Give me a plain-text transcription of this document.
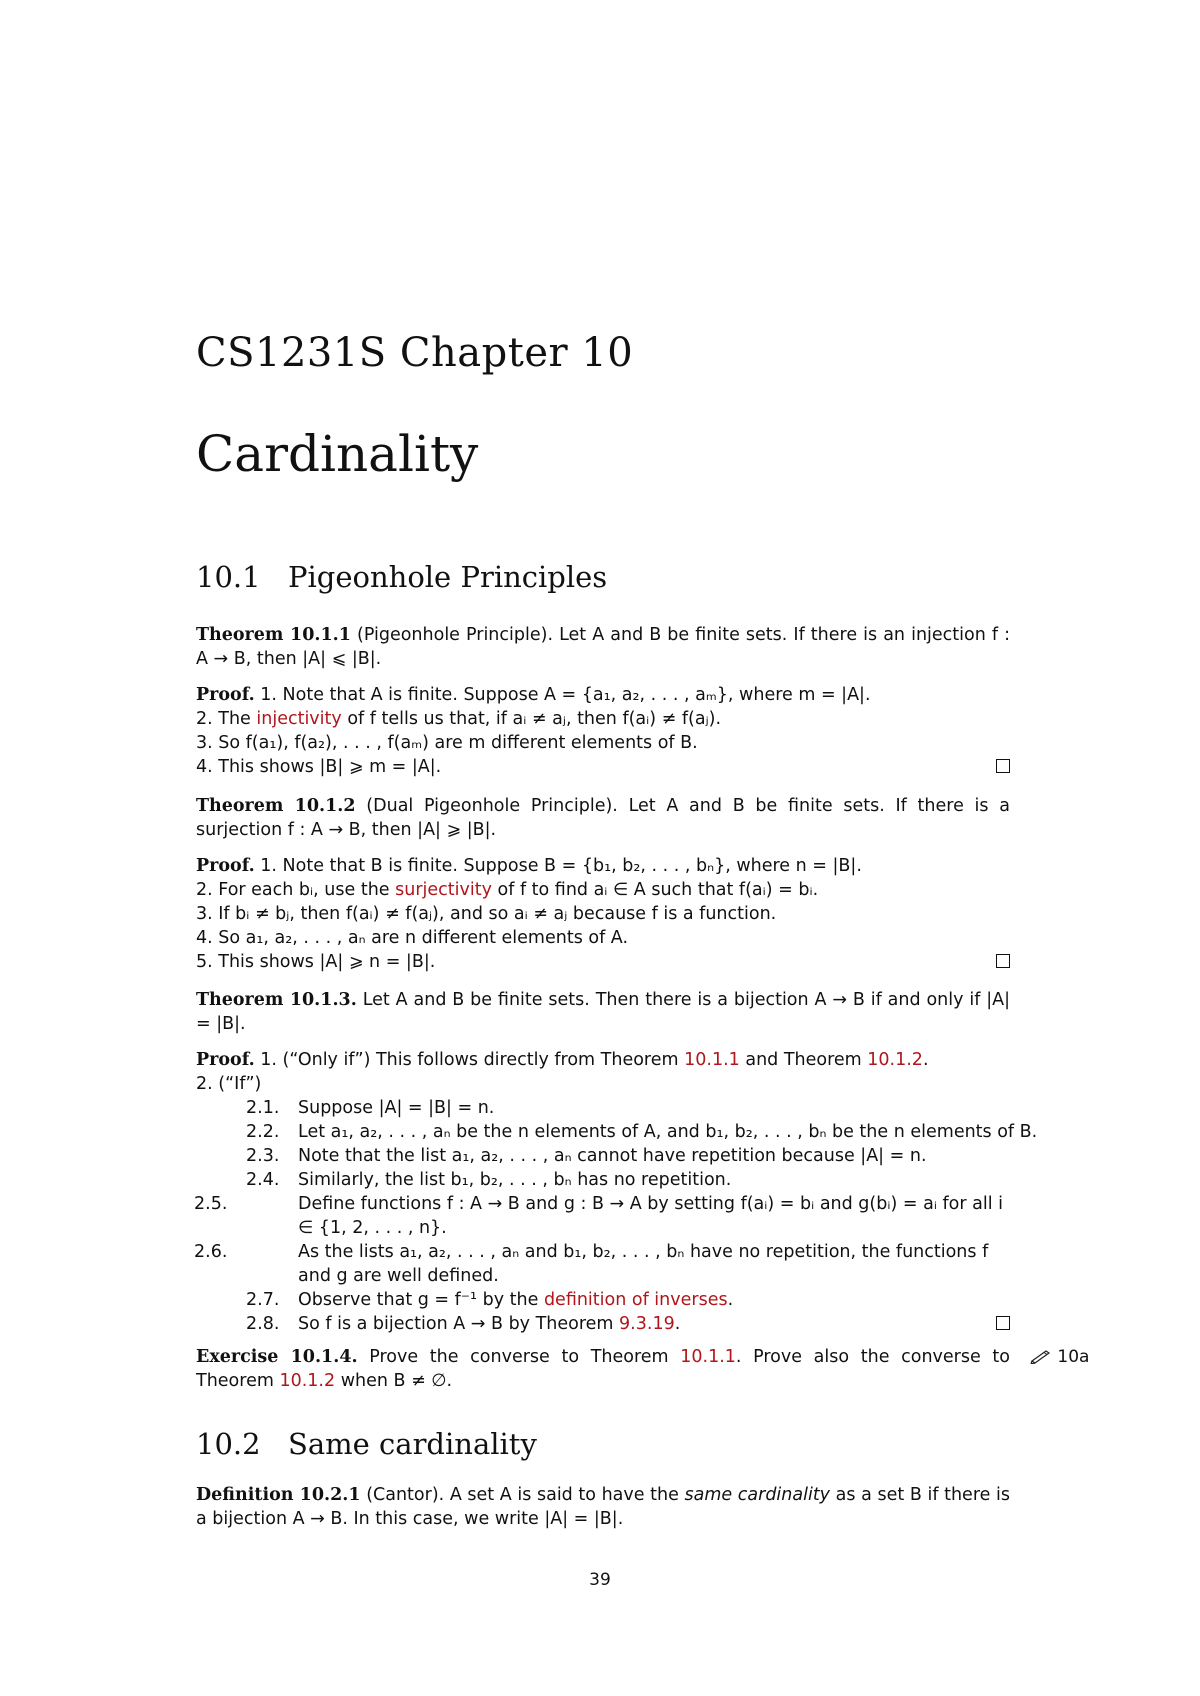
CS1231S Chapter 10
Cardinality
10.1 Pigeonhole Principles
Theorem 10.1.1 (Pigeonhole Principle). Let A and B be finite sets. If there is an injection f : A → B, then |A| ⩽ |B|.
Proof. 1. Note that A is finite. Suppose A = {a₁, a₂, . . . , aₘ}, where m = |A|.
2. The injectivity of f tells us that, if aᵢ ≠ aⱼ, then f(aᵢ) ≠ f(aⱼ).
3. So f(a₁), f(a₂), . . . , f(aₘ) are m different elements of B.
4. This shows |B| ⩾ m = |A|.
Theorem 10.1.2 (Dual Pigeonhole Principle). Let A and B be finite sets. If there is a surjection f : A → B, then |A| ⩾ |B|.
Proof. 1. Note that B is finite. Suppose B = {b₁, b₂, . . . , bₙ}, where n = |B|.
2. For each bᵢ, use the surjectivity of f to find aᵢ ∈ A such that f(aᵢ) = bᵢ.
3. If bᵢ ≠ bⱼ, then f(aᵢ) ≠ f(aⱼ), and so aᵢ ≠ aⱼ because f is a function.
4. So a₁, a₂, . . . , aₙ are n different elements of A.
5. This shows |A| ⩾ n = |B|.
Theorem 10.1.3. Let A and B be finite sets. Then there is a bijection A → B if and only if |A| = |B|.
Proof. 1. (“Only if”) This follows directly from Theorem 10.1.1 and Theorem 10.1.2.
2. (“If”)
2.1. Suppose |A| = |B| = n.
2.2. Let a₁, a₂, . . . , aₙ be the n elements of A, and b₁, b₂, . . . , bₙ be the n elements of B.
2.3. Note that the list a₁, a₂, . . . , aₙ cannot have repetition because |A| = n.
2.4. Similarly, the list b₁, b₂, . . . , bₙ has no repetition.
2.5.	Define functions f : A → B and g : B → A by setting f(aᵢ) = bᵢ and g(bᵢ) = aᵢ for all i ∈ {1, 2, . . . , n}.
2.6.	As the lists a₁, a₂, . . . , aₙ and b₁, b₂, . . . , bₙ have no repetition, the functions f and g are well defined.
2.7. Observe that g = f⁻¹ by the definition of inverses.
2.8. So f is a bijection A → B by Theorem 9.3.19.
Exercise 10.1.4. Prove the converse to Theorem 10.1.1. Prove also the converse to Theorem 10.1.2 when B ≠ ∅.
10a
10.2 Same cardinality
Definition 10.2.1 (Cantor). A set A is said to have the same cardinality as a set B if there is a bijection A → B. In this case, we write |A| = |B|.
39
